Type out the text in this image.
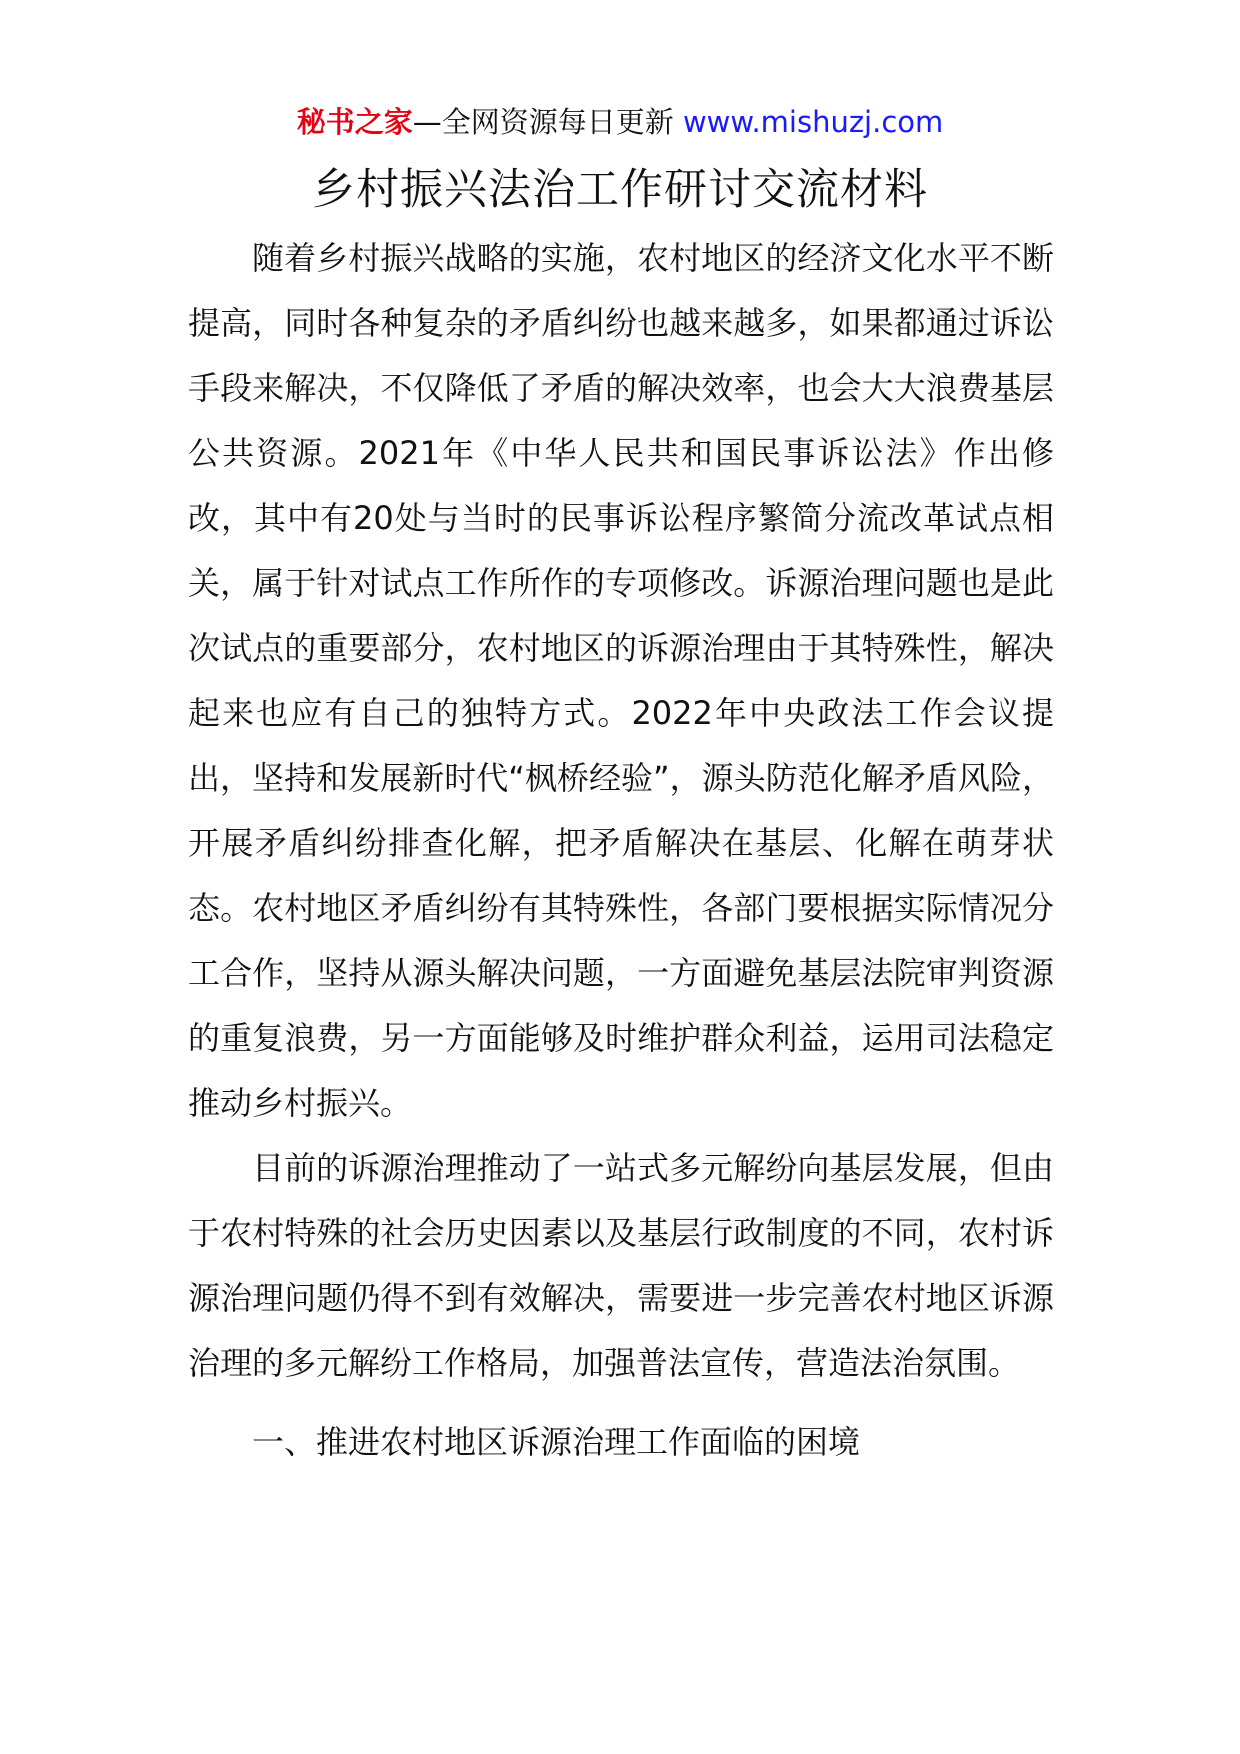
秘书之家—全网资源每日更新 www.mishuzj.com
乡村振兴法治工作研讨交流材料

随着乡村振兴战略的实施，农村地区的经济文化水平不断提高，同时各种复杂的矛盾纠纷也越来越多，如果都通过诉讼手段来解决，不仅降低了矛盾的解决效率，也会大大浪费基层公共资源。2021年《中华人民共和国民事诉讼法》作出修改，其中有20处与当时的民事诉讼程序繁简分流改革试点相关，属于针对试点工作所作的专项修改。诉源治理问题也是此次试点的重要部分，农村地区的诉源治理由于其特殊性，解决起来也应有自己的独特方式。2022年中央政法工作会议提出，坚持和发展新时代“枫桥经验”，源头防范化解矛盾风险，开展矛盾纠纷排查化解，把矛盾解决在基层、化解在萌芽状态。农村地区矛盾纠纷有其特殊性，各部门要根据实际情况分工合作，坚持从源头解决问题，一方面避免基层法院审判资源的重复浪费，另一方面能够及时维护群众利益，运用司法稳定推动乡村振兴。

目前的诉源治理推动了一站式多元解纷向基层发展，但由于农村特殊的社会历史因素以及基层行政制度的不同，农村诉源治理问题仍得不到有效解决，需要进一步完善农村地区诉源治理的多元解纷工作格局，加强普法宣传，营造法治氛围。

一、推进农村地区诉源治理工作面临的困境
